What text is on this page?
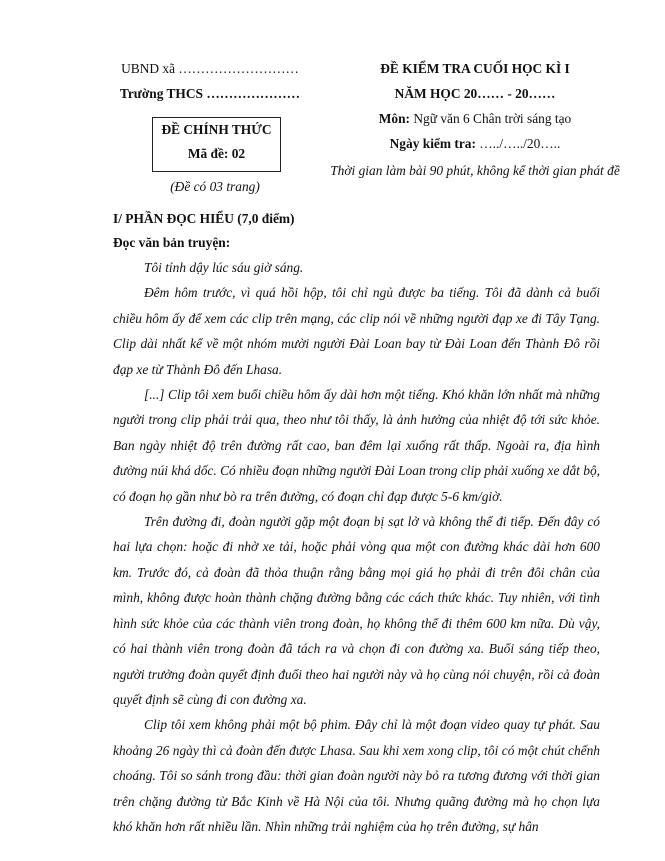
UBND xã ………………………
Trường THCS …………………
ĐỀ KIỂM TRA CUỐI HỌC KÌ I
NĂM HỌC 20…… - 20……
Môn: Ngữ văn 6 Chân trời sáng tạo
Ngày kiểm tra: …../…../20…..
Thời gian làm bài 90 phút, không kể thời gian phát đề
ĐỀ CHÍNH THỨC
Mã đề: 02
(Đề có 03 trang)
I/ PHẦN ĐỌC HIỂU (7,0 điểm)
Đọc văn bản truyện:

Tôi tỉnh dậy lúc sáu giờ sáng.

Đêm hôm trước, vì quá hồi hộp, tôi chỉ ngủ được ba tiếng. Tôi đã dành cả buổi chiều hôm ấy để xem các clip trên mạng, các clip nói về những người đạp xe đi Tây Tạng. Clip dài nhất kể về một nhóm mười người Đài Loan bay từ Đài Loan đến Thành Đô rồi đạp xe từ Thành Đô đến Lhasa.

[...] Clip tôi xem buổi chiều hôm ấy dài hơn một tiếng. Khó khăn lớn nhất mà những người trong clip phải trải qua, theo như tôi thấy, là ảnh hưởng của nhiệt độ tới sức khỏe. Ban ngày nhiệt độ trên đường rất cao, ban đêm lại xuống rất thấp. Ngoài ra, địa hình đường núi khá dốc. Có nhiều đoạn những người Đài Loan trong clip phải xuống xe dắt bộ, có đoạn họ gần như bò ra trên đường, có đoạn chỉ đạp được 5-6 km/giờ.

Trên đường đi, đoàn người gặp một đoạn bị sạt lở và không thể đi tiếp. Đến đây có hai lựa chọn: hoặc đi nhờ xe tải, hoặc phải vòng qua một con đường khác dài hơn 600 km. Trước đó, cả đoàn đã thỏa thuận rằng bằng mọi giá họ phải đi trên đôi chân của mình, không được hoàn thành chặng đường bằng các cách thức khác. Tuy nhiên, với tình hình sức khỏe của các thành viên trong đoàn, họ không thể đi thêm 600 km nữa. Dù vậy, có hai thành viên trong đoàn đã tách ra và chọn đi con đường xa. Buổi sáng tiếp theo, người trưởng đoàn quyết định đuổi theo hai người này và họ cùng nói chuyện, rồi cả đoàn quyết định sẽ cùng đi con đường xa.

Clip tôi xem không phải một bộ phim. Đây chỉ là một đoạn video quay tự phát. Sau khoảng 26 ngày thì cả đoàn đến được Lhasa. Sau khi xem xong clip, tôi có một chút chếnh choáng. Tôi so sánh trong đầu: thời gian đoàn người này bỏ ra tương đương với thời gian trên chặng đường từ Bắc Kinh về Hà Nội của tôi. Nhưng quãng đường mà họ chọn lựa khó khăn hơn rất nhiều lần. Nhìn những trải nghiệm của họ trên đường, sự hân
